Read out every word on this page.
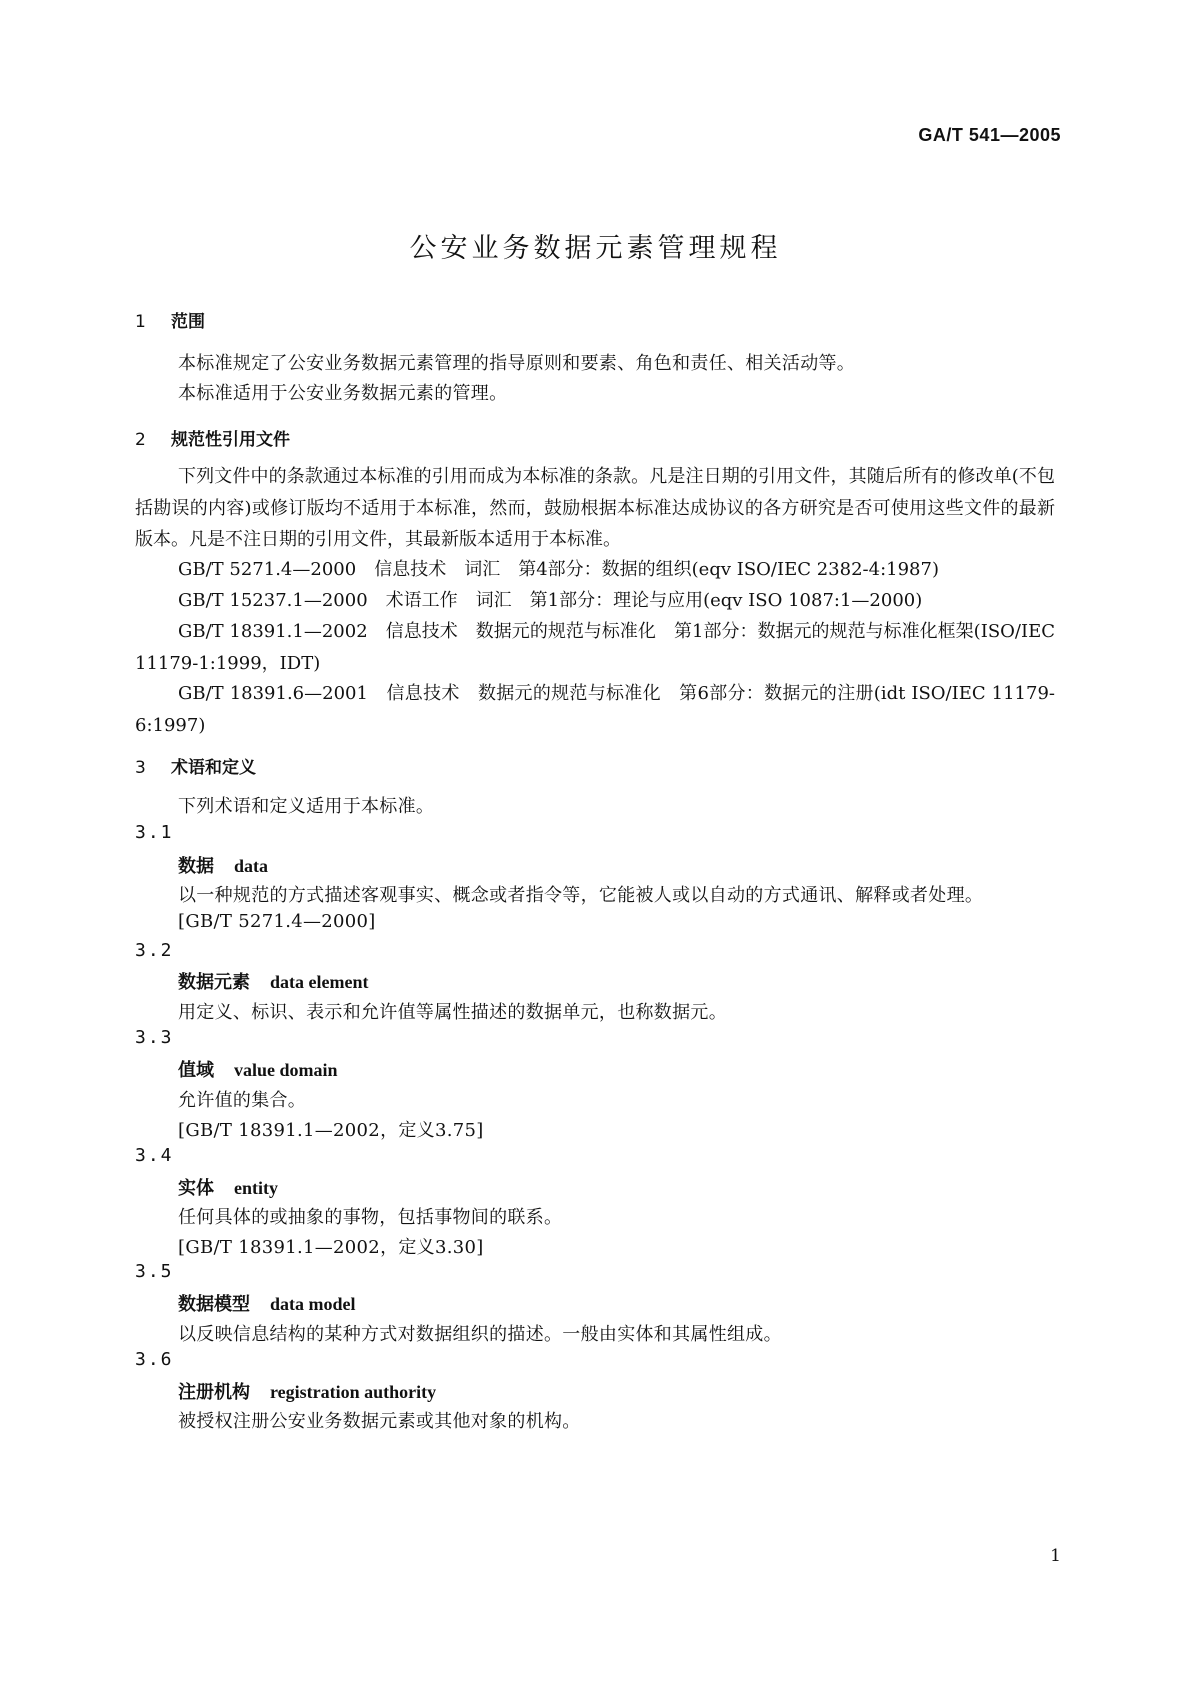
GA/T 541—2005
公安业务数据元素管理规程
1 范围
本标准规定了公安业务数据元素管理的指导原则和要素、角色和责任、相关活动等。
本标准适用于公安业务数据元素的管理。
2 规范性引用文件
下列文件中的条款通过本标准的引用而成为本标准的条款。凡是注日期的引用文件，其随后所有的修改单(不包括勘误的内容)或修订版均不适用于本标准，然而，鼓励根据本标准达成协议的各方研究是否可使用这些文件的最新版本。凡是不注日期的引用文件，其最新版本适用于本标准。
GB/T 5271.4—2000　信息技术　词汇　第4部分：数据的组织(eqv ISO/IEC 2382-4:1987)
GB/T 15237.1—2000　术语工作　词汇　第1部分：理论与应用(eqv ISO 1087:1—2000)
GB/T 18391.1—2002　信息技术　数据元的规范与标准化　第1部分：数据元的规范与标准化框架(ISO/IEC 11179-1:1999，IDT)
GB/T 18391.6—2001　信息技术　数据元的规范与标准化　第6部分：数据元的注册(idt ISO/IEC 11179-6:1997)
3 术语和定义
下列术语和定义适用于本标准。
3.1
数据 data
以一种规范的方式描述客观事实、概念或者指令等，它能被人或以自动的方式通讯、解释或者处理。
[GB/T 5271.4—2000]
3.2
数据元素 data element
用定义、标识、表示和允许值等属性描述的数据单元，也称数据元。
3.3
值域 value domain
允许值的集合。
[GB/T 18391.1—2002，定义3.75]
3.4
实体 entity
任何具体的或抽象的事物，包括事物间的联系。
[GB/T 18391.1—2002，定义3.30]
3.5
数据模型 data model
以反映信息结构的某种方式对数据组织的描述。一般由实体和其属性组成。
3.6
注册机构 registration authority
被授权注册公安业务数据元素或其他对象的机构。
1
